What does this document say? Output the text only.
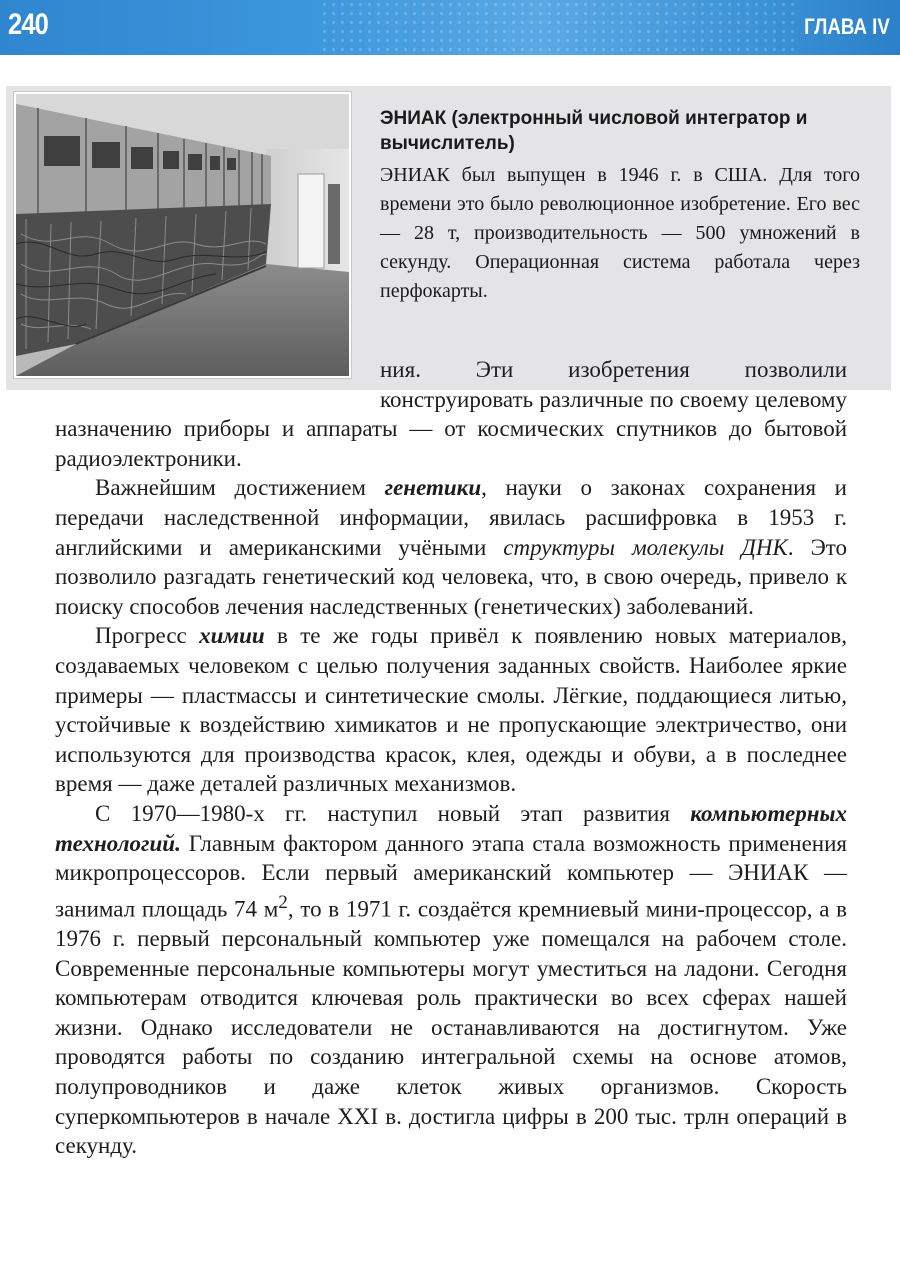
240	ГЛАВА IV
ЭНИАК (электронный числовой интегратор и вычислитель)
ЭНИАК был выпущен в 1946 г. в США. Для того времени это было революционное изобретение. Его вес — 28 т, производительность — 500 умножений в секунду. Операционная система работала через перфокарты.

ния. Эти изобретения позволили конструировать различные по своему целевому назначению приборы и аппараты — от космических спутников до бытовой радиоэлектроники.

Важнейшим достижением генетики, науки о законах сохранения и передачи наследственной информации, явилась расшифровка в 1953 г. английскими и американскими учёными структуры молекулы ДНК. Это позволило разгадать генетический код человека, что, в свою очередь, привело к поиску способов лечения наследственных (генетических) заболеваний.

Прогресс химии в те же годы привёл к появлению новых материалов, создаваемых человеком с целью получения заданных свойств. Наиболее яркие примеры — пластмассы и синтетические смолы. Лёгкие, поддающиеся литью, устойчивые к воздействию химикатов и не пропускающие электричество, они используются для производства красок, клея, одежды и обуви, а в последнее время — даже деталей различных механизмов.

С 1970—1980-х гг. наступил новый этап развития компьютерных технологий. Главным фактором данного этапа стала возможность применения микропроцессоров. Если первый американский компьютер — ЭНИАК — занимал площадь 74 $м^2$, то в 1971 г. создаётся кремниевый мини-процессор, а в 1976 г. первый персональный компьютер уже помещался на рабочем столе. Современные персональные компьютеры могут уместиться на ладони. Сегодня компьютерам отводится ключевая роль практически во всех сферах нашей жизни. Однако исследователи не останавливаются на достигнутом. Уже проводятся работы по созданию интегральной схемы на основе атомов, полупроводников и даже клеток живых организмов. Скорость суперкомпьютеров в начале XXI в. достигла цифры в 200 тыс. трлн операций в секунду.
